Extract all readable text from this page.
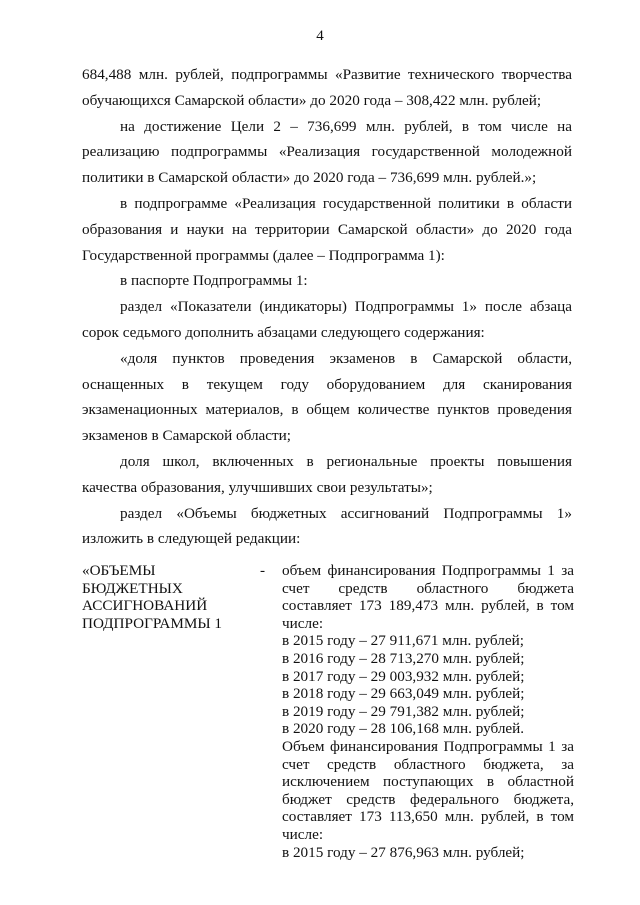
4

684,488 млн. рублей, подпрограммы «Развитие технического творчества обучающихся Самарской области» до 2020 года – 308,422 млн. рублей;

на достижение Цели 2 – 736,699 млн. рублей, в том числе на реализацию подпрограммы «Реализация государственной молодежной политики в Самарской области» до 2020 года – 736,699 млн. рублей.»;

в подпрограмме «Реализация государственной политики в области образования и науки на территории Самарской области» до 2020 года Государственной программы (далее – Подпрограмма 1):

в паспорте Подпрограммы 1:

раздел «Показатели (индикаторы) Подпрограммы 1» после абзаца сорок седьмого дополнить абзацами следующего содержания:

«доля пунктов проведения экзаменов в Самарской области, оснащенных в текущем году оборудованием для сканирования экзаменационных материалов, в общем количестве пунктов проведения экзаменов в Самарской области;

доля школ, включенных в региональные проекты повышения качества образования, улучшивших свои результаты»;

раздел «Объемы бюджетных ассигнований Подпрограммы 1» изложить в следующей редакции:

«ОБЪЕМЫ
БЮДЖЕТНЫХ
АССИГНОВАНИЙ
ПОДПРОГРАММЫ 1
- объем финансирования Подпрограммы 1 за
счет средств областного бюджета
составляет 173 189,473 млн. рублей, в том
числе:
в 2015 году – 27 911,671 млн. рублей;
в 2016 году – 28 713,270 млн. рублей;
в 2017 году – 29 003,932 млн. рублей;
в 2018 году – 29 663,049 млн. рублей;
в 2019 году – 29 791,382 млн. рублей;
в 2020 году – 28 106,168 млн. рублей.
Объем финансирования Подпрограммы 1 за
счет средств областного бюджета, за
исключением поступающих в областной
бюджет средств федерального бюджета,
составляет 173 113,650 млн. рублей, в том
числе:
в 2015 году – 27 876,963 млн. рублей;
